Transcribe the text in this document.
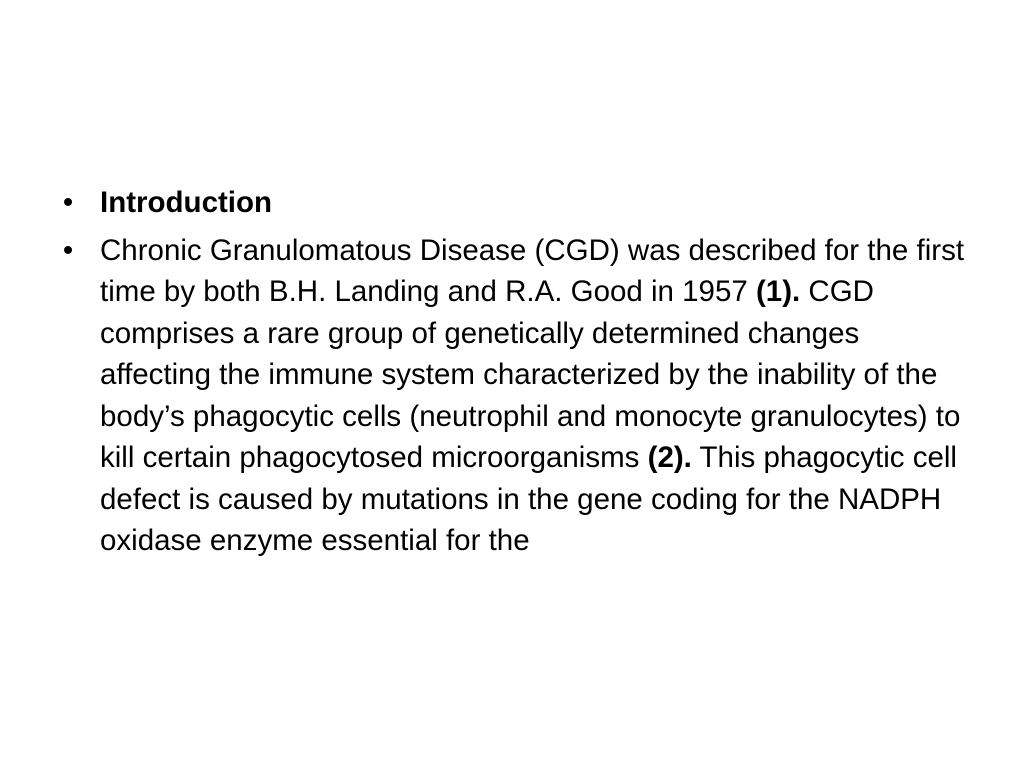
• Introduction
• Chronic Granulomatous Disease (CGD) was described for the first time by both B.H. Landing and R.A. Good in 1957 (1). CGD comprises a rare group of genetically determined changes affecting the immune system characterized by the inability of the body’s phagocytic cells (neutrophil and monocyte granulocytes) to kill certain phagocytosed microorganisms (2). This phagocytic cell defect is caused by mutations in the gene coding for the NADPH oxidase enzyme essential for the
